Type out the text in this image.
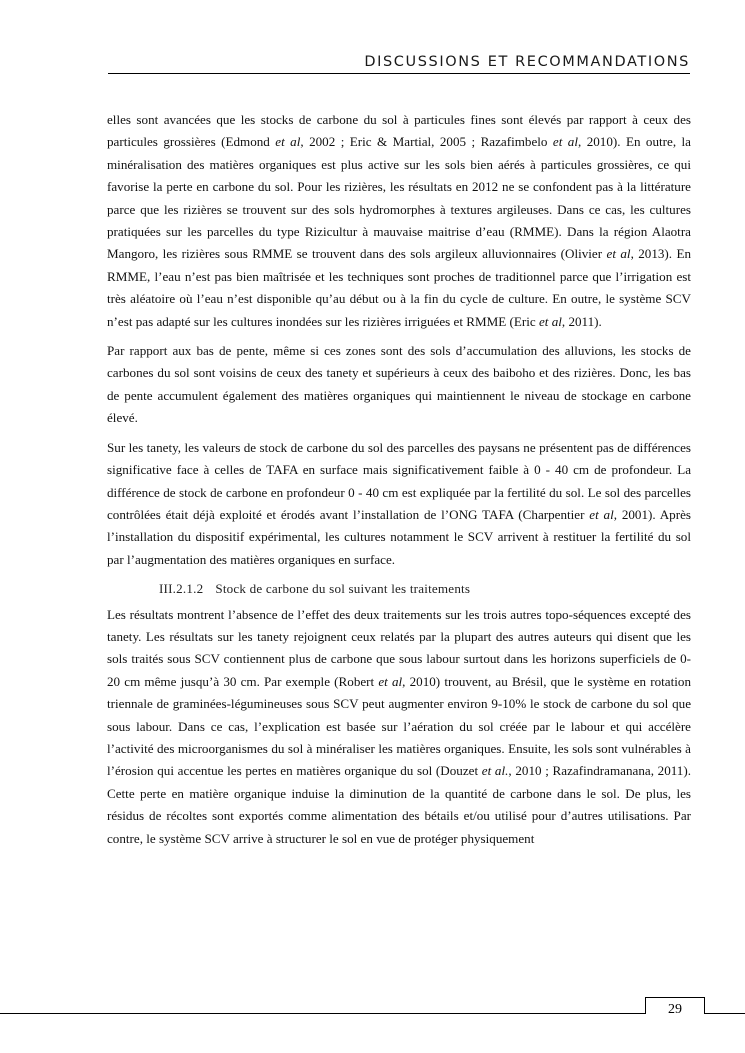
DISCUSSIONS ET RECOMMANDATIONS

elles sont avancées que les stocks de carbone du sol à particules fines sont élevés par rapport à ceux des particules grossières (Edmond et al, 2002 ; Eric & Martial, 2005 ; Razafimbelo et al, 2010). En outre, la minéralisation des matières organiques est plus active sur les sols bien aérés à particules grossières, ce qui favorise la perte en carbone du sol. Pour les rizières, les résultats en 2012 ne se confondent pas à la littérature parce que les rizières se trouvent sur des sols hydromorphes à textures argileuses. Dans ce cas, les cultures pratiquées sur les parcelles du type Rizicultur à mauvaise maitrise d’eau (RMME). Dans la région Alaotra Mangoro, les rizières sous RMME se trouvent dans des sols argileux alluvionnaires (Olivier et al, 2013). En RMME, l’eau n’est pas bien maîtrisée et les techniques sont proches de traditionnel parce que l’irrigation est très aléatoire où l’eau n’est disponible qu’au début ou à la fin du cycle de culture. En outre, le système SCV n’est pas adapté sur les cultures inondées sur les rizières irriguées et RMME (Eric et al, 2011).

Par rapport aux bas de pente, même si ces zones sont des sols d’accumulation des alluvions, les stocks de carbones du sol sont voisins de ceux des tanety et supérieurs à ceux des baiboho et des rizières. Donc, les bas de pente accumulent également des matières organiques qui maintiennent le niveau de stockage en carbone élevé.

Sur les tanety, les valeurs de stock de carbone du sol des parcelles des paysans ne présentent pas de différences significative face à celles de TAFA en surface mais significativement faible à 0 - 40 cm de profondeur. La différence de stock de carbone en profondeur 0 - 40 cm est expliquée par la fertilité du sol. Le sol des parcelles contrôlées était déjà exploité et érodés avant l’installation de l’ONG TAFA (Charpentier et al, 2001). Après l’installation du dispositif expérimental, les cultures notamment le SCV arrivent à restituer la fertilité du sol par l’augmentation des matières organiques en surface.

III.2.1.2 Stock de carbone du sol suivant les traitements

Les résultats montrent l’absence de l’effet des deux traitements sur les trois autres topo-séquences excepté des tanety. Les résultats sur les tanety rejoignent ceux relatés par la plupart des autres auteurs qui disent que les sols traités sous SCV contiennent plus de carbone que sous labour surtout dans les horizons superficiels de 0-20 cm même jusqu’à 30 cm. Par exemple (Robert et al, 2010) trouvent, au Brésil, que le système en rotation triennale de graminées-légumineuses sous SCV peut augmenter environ 9-10% le stock de carbone du sol que sous labour. Dans ce cas, l’explication est basée sur l’aération du sol créée par le labour et qui accélère l’activité des microorganismes du sol à minéraliser les matières organiques. Ensuite, les sols sont vulnérables à l’érosion qui accentue les pertes en matières organique du sol (Douzet et al., 2010 ; Razafindramanana, 2011). Cette perte en matière organique induise la diminution de la quantité de carbone dans le sol. De plus, les résidus de récoltes sont exportés comme alimentation des bétails et/ou utilisé pour d’autres utilisations. Par contre, le système SCV arrive à structurer le sol en vue de protéger physiquement

29
